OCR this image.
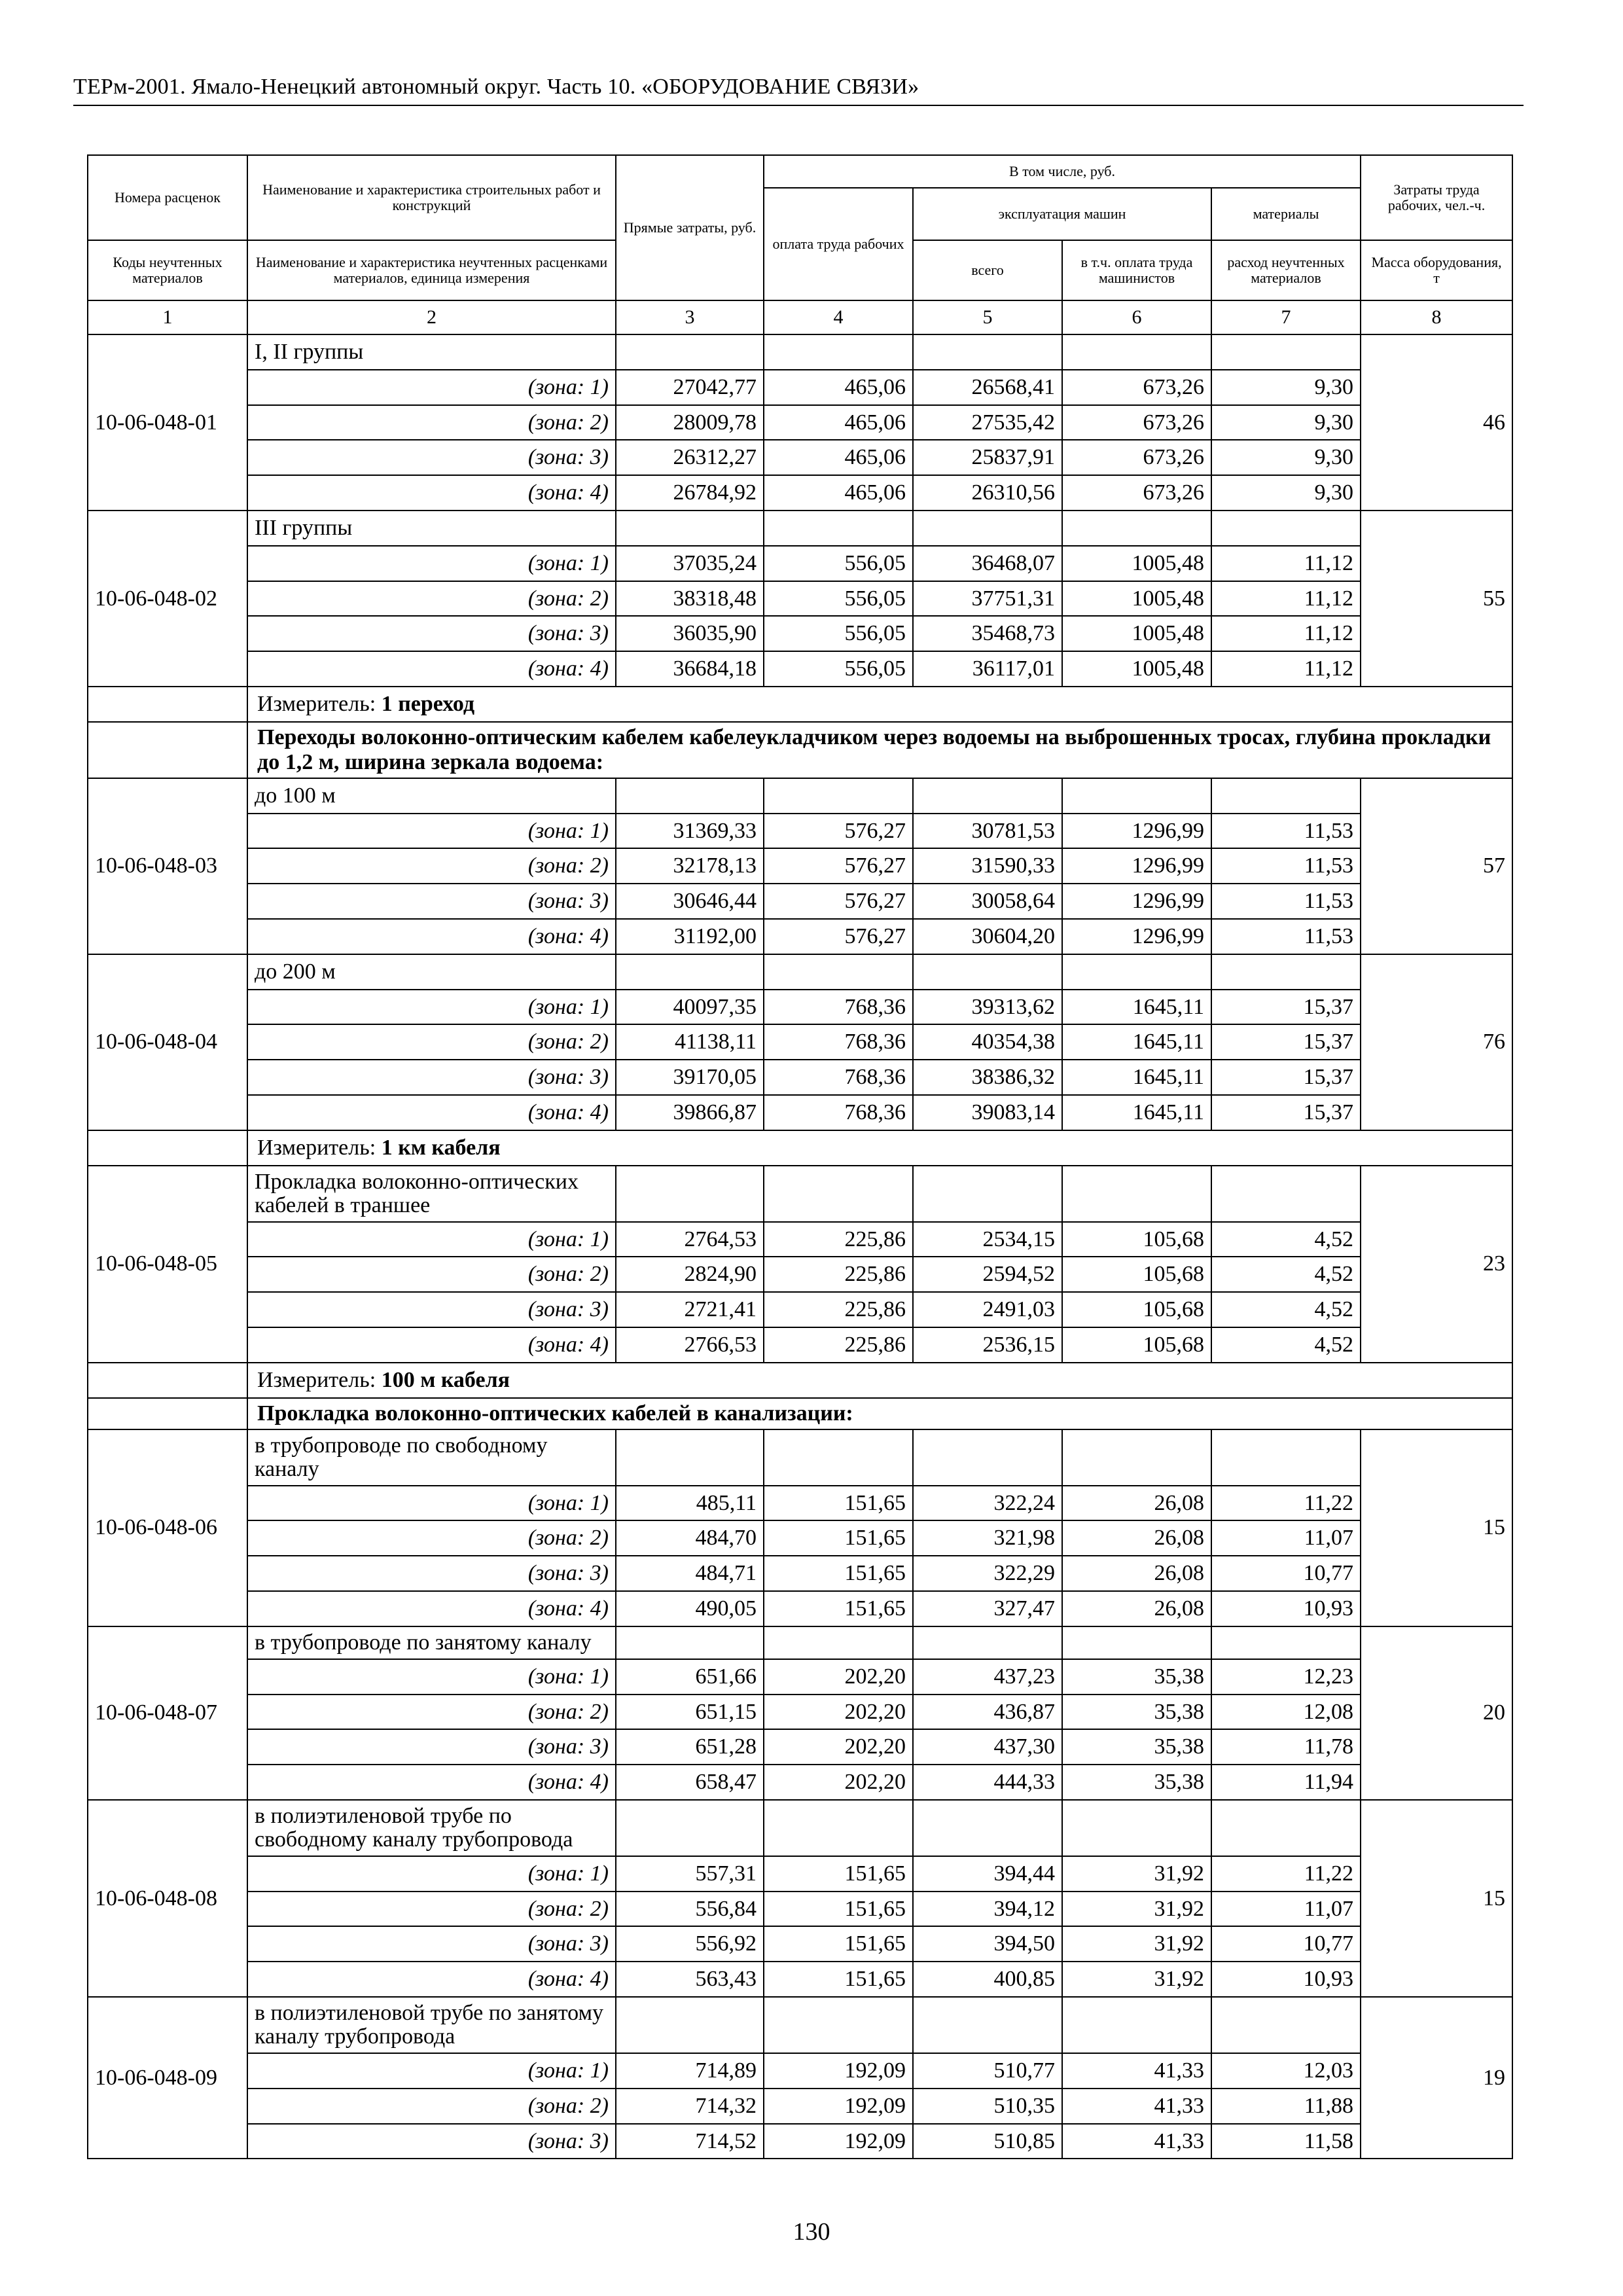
ТЕРм-2001. Ямало-Ненецкий автономный округ. Часть 10. «ОБОРУДОВАНИЕ СВЯЗИ»
Номера расценок	Наименование и характеристика строительных работ и конструкций	Прямые затраты, руб.	В том числе, руб.				Затраты труда рабочих, чел.-ч.
			оплата труда рабочих	эксплуатация машин		материалы	
Коды неучтенных материалов	Наименование и характеристика неучтенных расценками материалов, единица измерения			всего	в т.ч. оплата труда машинистов	расход неучтенных материалов	Масса оборудования, т
1	2	3	4	5	6	7	8
10-06-048-01	I, II группы						46
	(зона: 1)	27042,77	465,06	26568,41	673,26	9,30	
	(зона: 2)	28009,78	465,06	27535,42	673,26	9,30	
	(зона: 3)	26312,27	465,06	25837,91	673,26	9,30	
	(зона: 4)	26784,92	465,06	26310,56	673,26	9,30	
10-06-048-02	III группы						55
	(зона: 1)	37035,24	556,05	36468,07	1005,48	11,12	
	(зона: 2)	38318,48	556,05	37751,31	1005,48	11,12	
	(зона: 3)	36035,90	556,05	35468,73	1005,48	11,12	
	(зона: 4)	36684,18	556,05	36117,01	1005,48	11,12	
	Измеритель: 1 переход						
	Переходы волоконно-оптическим кабелем кабелеукладчиком через водоемы на выброшенных тросах, глубина прокладки до 1,2 м, ширина зеркала водоема:						
10-06-048-03	до 100 м						57
	(зона: 1)	31369,33	576,27	30781,53	1296,99	11,53	
	(зона: 2)	32178,13	576,27	31590,33	1296,99	11,53	
	(зона: 3)	30646,44	576,27	30058,64	1296,99	11,53	
	(зона: 4)	31192,00	576,27	30604,20	1296,99	11,53	
10-06-048-04	до 200 м						76
	(зона: 1)	40097,35	768,36	39313,62	1645,11	15,37	
	(зона: 2)	41138,11	768,36	40354,38	1645,11	15,37	
	(зона: 3)	39170,05	768,36	38386,32	1645,11	15,37	
	(зона: 4)	39866,87	768,36	39083,14	1645,11	15,37	
	Измеритель: 1 км кабеля						
10-06-048-05	Прокладка волоконно-оптических кабелей в траншее						23
	(зона: 1)	2764,53	225,86	2534,15	105,68	4,52	
	(зона: 2)	2824,90	225,86	2594,52	105,68	4,52	
	(зона: 3)	2721,41	225,86	2491,03	105,68	4,52	
	(зона: 4)	2766,53	225,86	2536,15	105,68	4,52	
	Измеритель: 100 м кабеля						
	Прокладка волоконно-оптических кабелей в канализации:						
10-06-048-06	в трубопроводе по свободному каналу						15
	(зона: 1)	485,11	151,65	322,24	26,08	11,22	
	(зона: 2)	484,70	151,65	321,98	26,08	11,07	
	(зона: 3)	484,71	151,65	322,29	26,08	10,77	
	(зона: 4)	490,05	151,65	327,47	26,08	10,93	
10-06-048-07	в трубопроводе по занятому каналу						20
	(зона: 1)	651,66	202,20	437,23	35,38	12,23	
	(зона: 2)	651,15	202,20	436,87	35,38	12,08	
	(зона: 3)	651,28	202,20	437,30	35,38	11,78	
	(зона: 4)	658,47	202,20	444,33	35,38	11,94	
10-06-048-08	в полиэтиленовой трубе по свободному каналу трубопровода						15
	(зона: 1)	557,31	151,65	394,44	31,92	11,22	
	(зона: 2)	556,84	151,65	394,12	31,92	11,07	
	(зона: 3)	556,92	151,65	394,50	31,92	10,77	
	(зона: 4)	563,43	151,65	400,85	31,92	10,93	
10-06-048-09	в полиэтиленовой трубе по занятому каналу трубопровода						19
	(зона: 1)	714,89	192,09	510,77	41,33	12,03	
	(зона: 2)	714,32	192,09	510,35	41,33	11,88	
	(зона: 3)	714,52	192,09	510,85	41,33	11,58	
130
